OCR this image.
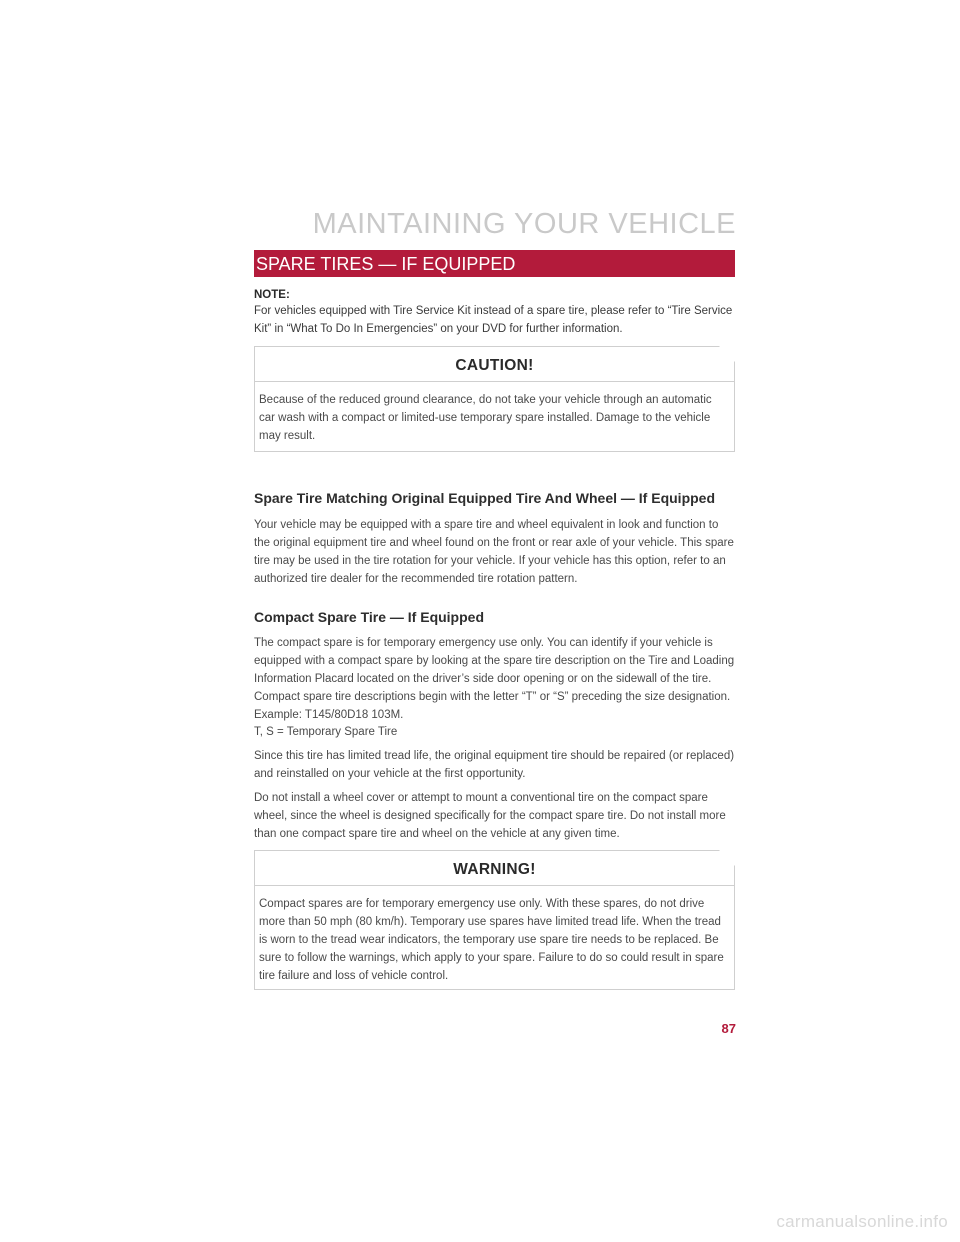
MAINTAINING YOUR VEHICLE
SPARE TIRES — IF EQUIPPED
NOTE:
For vehicles equipped with Tire Service Kit instead of a spare tire, please refer to “Tire Service Kit” in “What To Do In Emergencies” on your DVD for further information.
CAUTION!
Because of the reduced ground clearance, do not take your vehicle through an automatic car wash with a compact or limited-use temporary spare installed. Damage to the vehicle may result.
Spare Tire Matching Original Equipped Tire And Wheel — If Equipped
Your vehicle may be equipped with a spare tire and wheel equivalent in look and function to the original equipment tire and wheel found on the front or rear axle of your vehicle. This spare tire may be used in the tire rotation for your vehicle. If your vehicle has this option, refer to an authorized tire dealer for the recommended tire rotation pattern.
Compact Spare Tire — If Equipped
The compact spare is for temporary emergency use only. You can identify if your vehicle is equipped with a compact spare by looking at the spare tire description on the Tire and Loading Information Placard located on the driver’s side door opening or on the sidewall of the tire. Compact spare tire descriptions begin with the letter “T” or “S” preceding the size designation. Example: T145/80D18 103M.
T, S = Temporary Spare Tire
Since this tire has limited tread life, the original equipment tire should be repaired (or replaced) and reinstalled on your vehicle at the first opportunity.
Do not install a wheel cover or attempt to mount a conventional tire on the compact spare wheel, since the wheel is designed specifically for the compact spare tire. Do not install more than one compact spare tire and wheel on the vehicle at any given time.
WARNING!
Compact spares are for temporary emergency use only. With these spares, do not drive more than 50 mph (80 km/h). Temporary use spares have limited tread life. When the tread is worn to the tread wear indicators, the temporary use spare tire needs to be replaced. Be sure to follow the warnings, which apply to your spare. Failure to do so could result in spare tire failure and loss of vehicle control.
87
carmanualsonline.info
